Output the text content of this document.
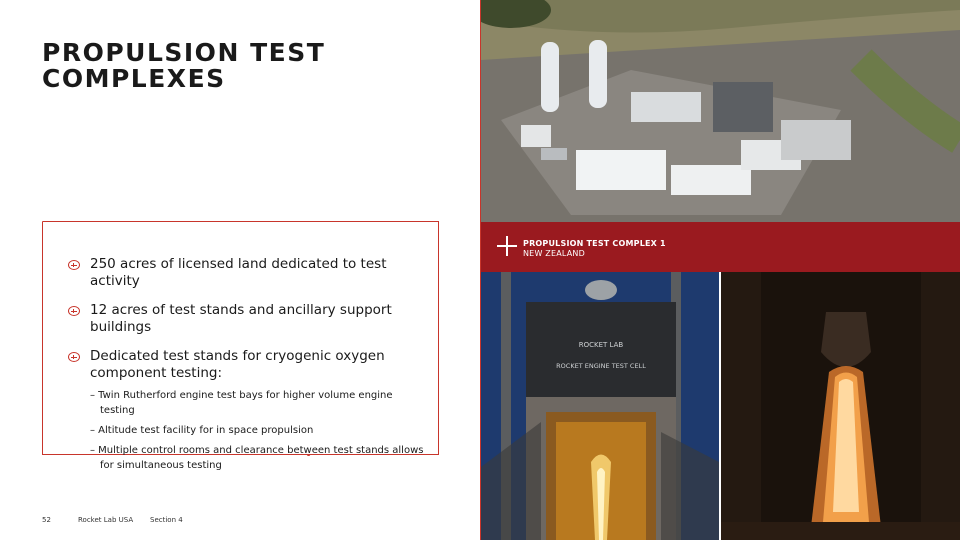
PROPULSION TEST
COMPLEXES
250 acres of licensed land dedicated to test activity
12 acres of test stands and ancillary support buildings
Dedicated test stands for cryogenic oxygen component testing:
– Twin Rutherford engine test bays for higher volume engine testing
– Altitude test facility for in space propulsion
– Multiple control rooms and clearance between test stands allows for simultaneous testing
52	Rocket Lab USA Section 4
PROPULSION TEST COMPLEX 1
NEW ZEALAND
ROCKET LAB
ROCKET ENGINE TEST CELL
